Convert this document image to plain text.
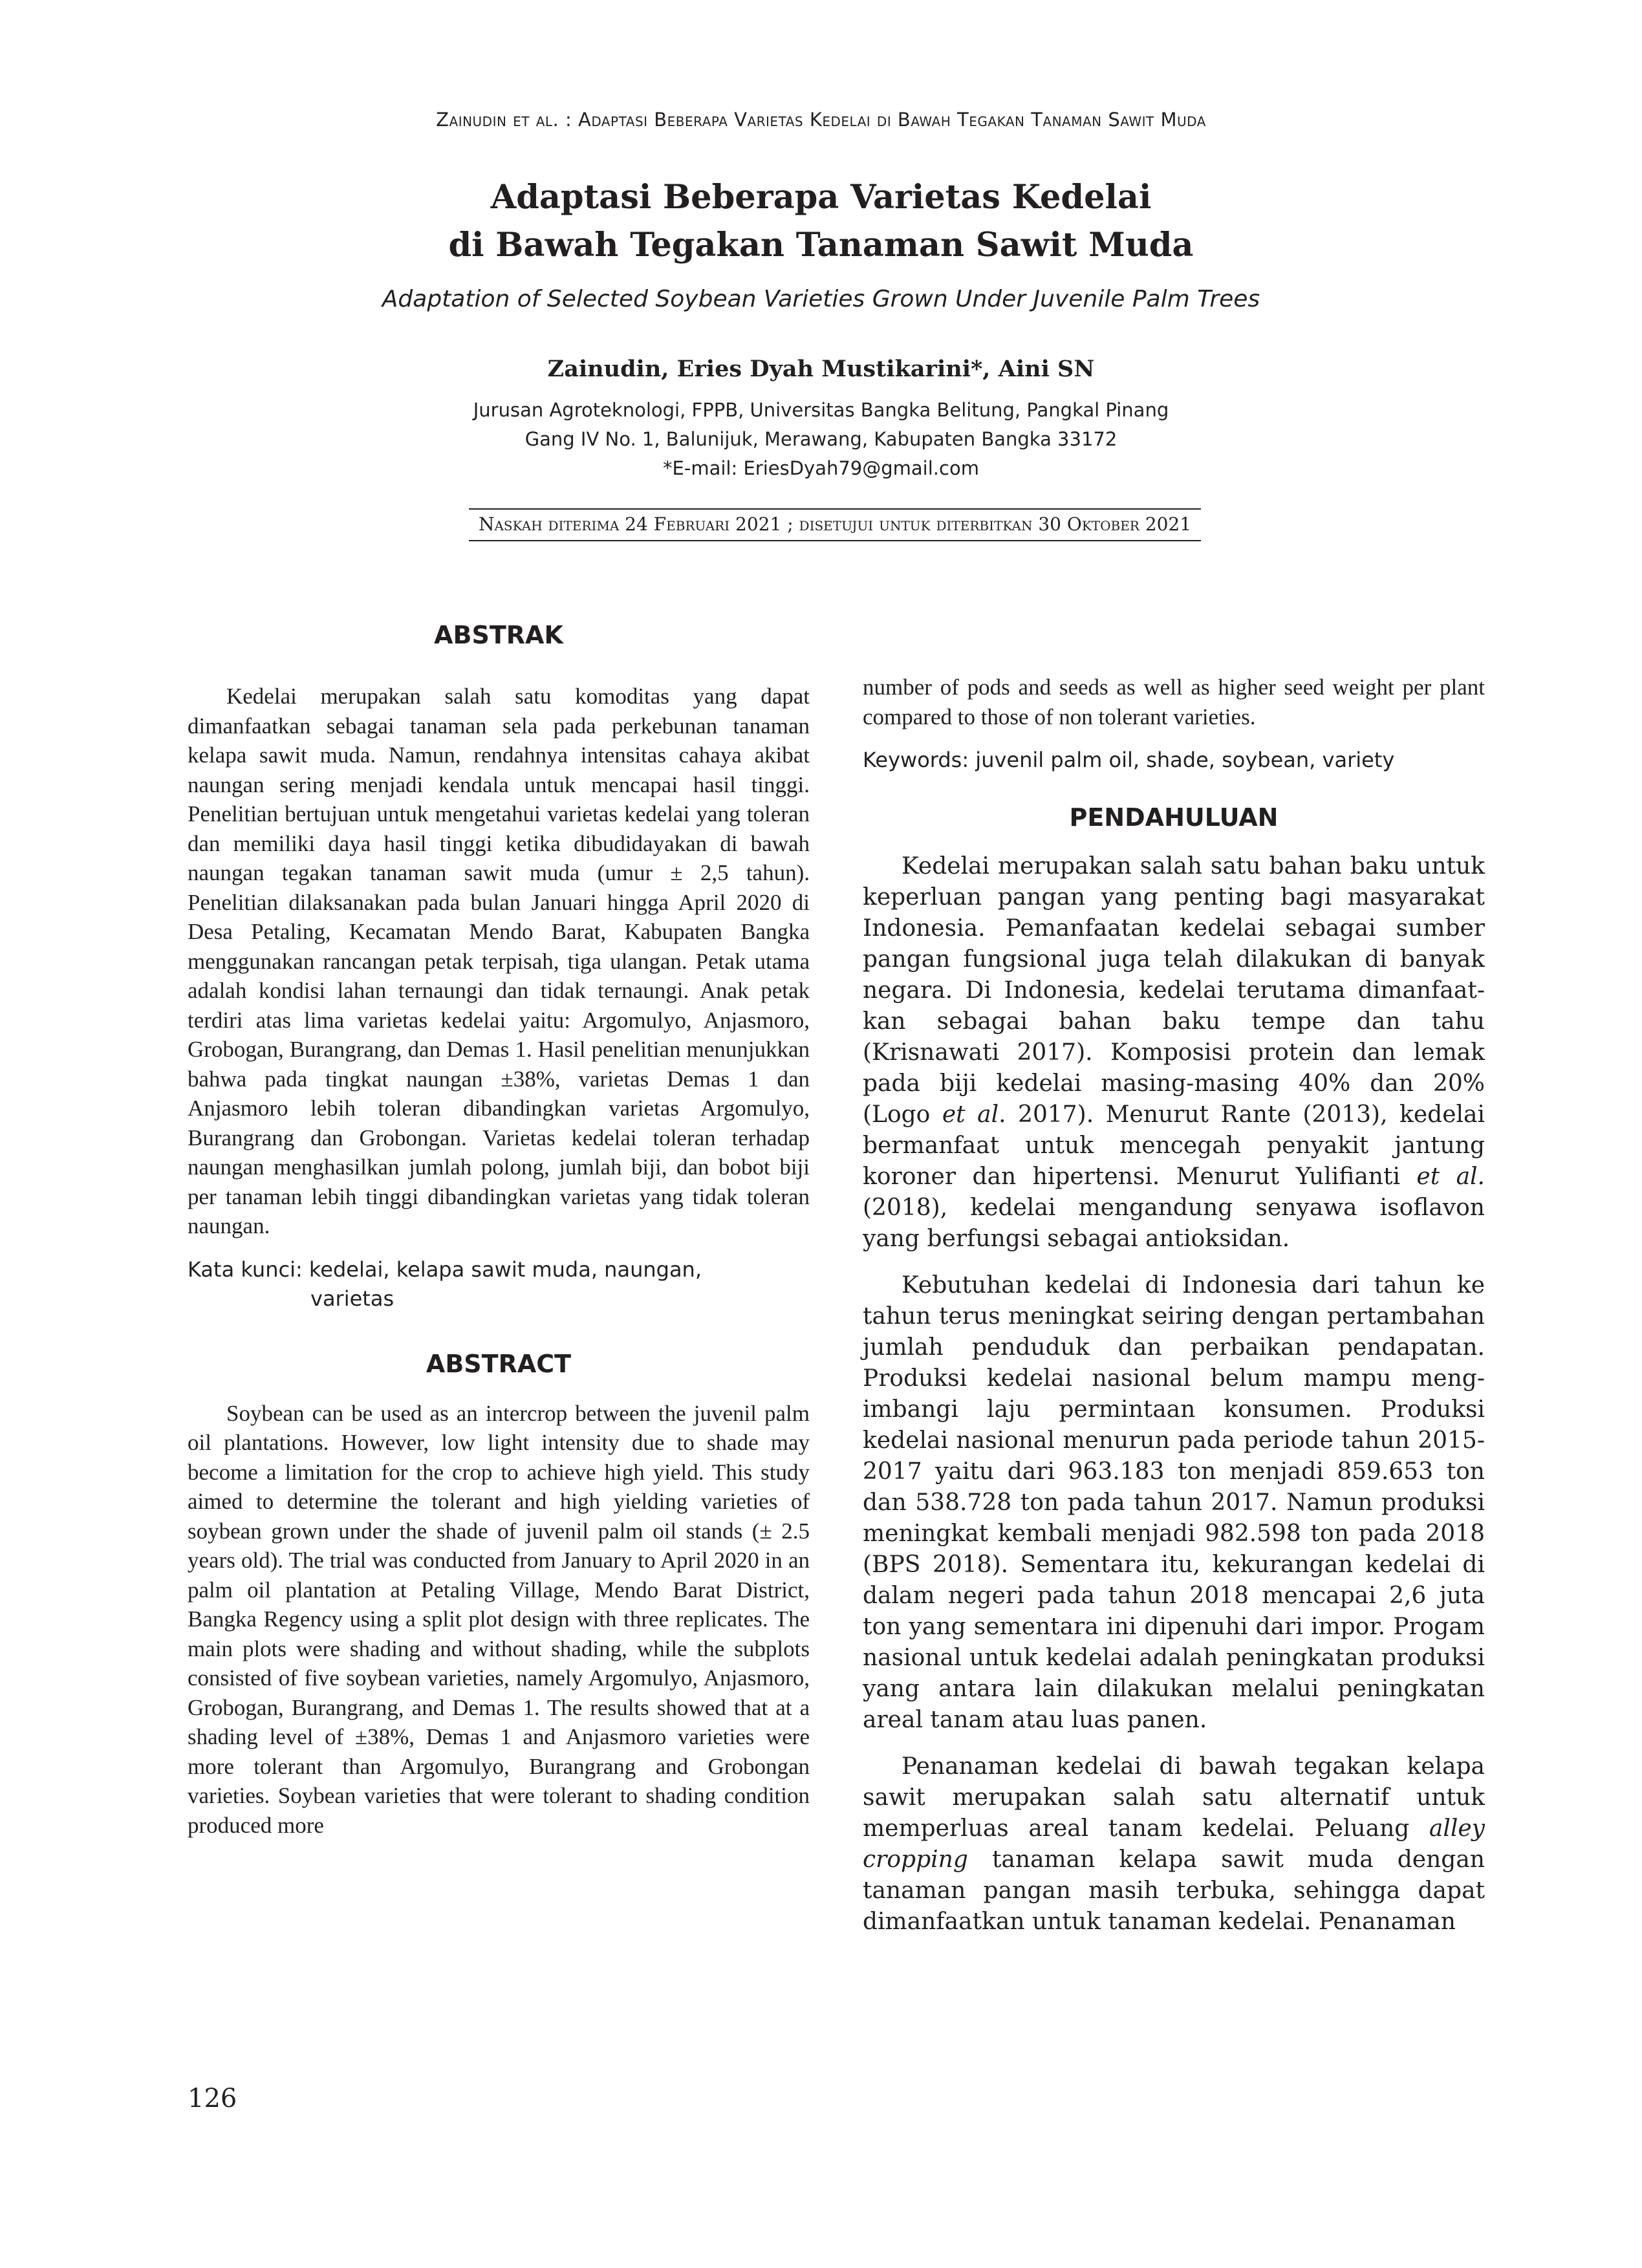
Zainudin et al. : Adaptasi Beberapa Varietas Kedelai di Bawah Tegakan Tanaman Sawit Muda
Adaptasi Beberapa Varietas Kedelai
di Bawah Tegakan Tanaman Sawit Muda
Adaptation of Selected Soybean Varieties Grown Under Juvenile Palm Trees
Zainudin, Eries Dyah Mustikarini*, Aini SN
Jurusan Agroteknologi, FPPB, Universitas Bangka Belitung, Pangkal Pinang
Gang IV No. 1, Balunijuk, Merawang, Kabupaten Bangka 33172
*E-mail: EriesDyah79@gmail.com
Naskah diterima 24 Februari 2021 ; disetujui untuk diterbitkan 30 Oktober 2021
ABSTRAK

Kedelai merupakan salah satu komoditas yang dapat dimanfaatkan sebagai tanaman sela pada perkebunan tanaman kelapa sawit muda. Namun, rendahnya intensitas cahaya akibat naungan sering menjadi kendala untuk mencapai hasil tinggi. Penelitian bertujuan untuk mengetahui varietas kedelai yang toleran dan memiliki daya hasil tinggi ketika dibudidayakan di bawah naungan tegakan tanaman sawit muda (umur ± 2,5 tahun). Penelitian dilaksanakan pada bulan Januari hingga April 2020 di Desa Petaling, Kecamatan Mendo Barat, Kabupaten Bangka menggunakan rancangan petak terpisah, tiga ulangan. Petak utama adalah kondisi lahan ternaungi dan tidak ternaungi. Anak petak terdiri atas lima varietas kedelai yaitu: Argomulyo, Anjasmoro, Grobogan, Burangrang, dan Demas 1. Hasil penelitian menunjukkan bahwa pada tingkat naungan ±38%, varietas Demas 1 dan Anjasmoro lebih toleran dibandingkan varietas Argomulyo, Burangrang dan Grobongan. Varietas kedelai toleran terhadap naungan menghasilkan jumlah polong, jumlah biji, dan bobot biji per tanaman lebih tinggi dibandingkan varietas yang tidak toleran naungan.

Kata kunci: kedelai, kelapa sawit muda, naungan,
varietas
ABSTRACT

Soybean can be used as an intercrop between the juvenil palm oil plantations. However, low light intensity due to shade may become a limitation for the crop to achieve high yield. This study aimed to determine the tolerant and high yielding varieties of soybean grown under the shade of juvenil palm oil stands (± 2.5 years old). The trial was conducted from January to April 2020 in an palm oil plantation at Petaling Village, Mendo Barat District, Bangka Regency using a split plot design with three replicates. The main plots were shading and without shading, while the subplots consisted of five soybean varieties, namely Argomulyo, Anjasmoro, Grobogan, Burangrang, and Demas 1. The results showed that at a shading level of ±38%, Demas 1 and Anjasmoro varieties were more tolerant than Argomulyo, Burangrang and Grobongan varieties. Soybean varieties that were tolerant to shading condition produced more

number of pods and seeds as well as higher seed weight per plant compared to those of non tolerant varieties.

Keywords: juvenil palm oil, shade, soybean, variety

PENDAHULUAN

Kedelai merupakan salah satu bahan baku untuk keperluan pangan yang penting bagi masyarakat Indonesia. Pemanfaatan kedelai sebagai sumber pangan fungsional juga telah dilakukan di banyak negara. Di Indonesia, kedelai terutama dimanfaatkan sebagai bahan baku tempe dan tahu (Krisnawati 2017). Komposisi protein dan lemak pada biji kedelai masing-masing 40% dan 20% (Logo et al. 2017). Menurut Rante (2013), kedelai bermanfaat untuk mencegah penyakit jantung koroner dan hipertensi. Menurut Yulifianti et al. (2018), kedelai mengandung senyawa isoflavon yang berfungsi sebagai antioksidan.

Kebutuhan kedelai di Indonesia dari tahun ke tahun terus meningkat seiring dengan pertambahan jumlah penduduk dan perbaikan pendapatan. Produksi kedelai nasional belum mampu mengimbangi laju permintaan konsumen. Produksi kedelai nasional menurun pada periode tahun 2015-2017 yaitu dari 963.183 ton menjadi 859.653 ton dan 538.728 ton pada tahun 2017. Namun produksi meningkat kembali menjadi 982.598 ton pada 2018 (BPS 2018). Sementara itu, kekurangan kedelai di dalam negeri pada tahun 2018 mencapai 2,6 juta ton yang sementara ini dipenuhi dari impor. Progam nasional untuk kedelai adalah peningkatan produksi yang antara lain dilakukan melalui peningkatan areal tanam atau luas panen.

Penanaman kedelai di bawah tegakan kelapa sawit merupakan salah satu alternatif untuk memperluas areal tanam kedelai. Peluang alley cropping tanaman kelapa sawit muda dengan tanaman pangan masih terbuka, sehingga dapat dimanfaatkan untuk tanaman kedelai. Penanaman

126
